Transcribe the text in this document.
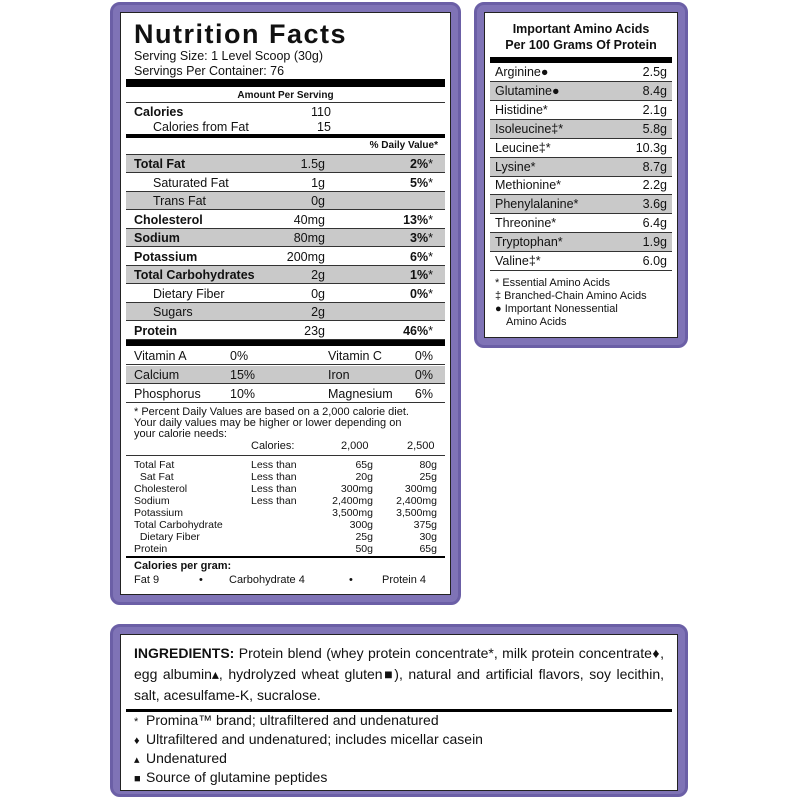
Nutrition Facts
Serving Size: 1 Level Scoop (30g)
Servings Per Container: 76
Amount Per Serving
Calories	110
Calories from Fat	15
% Daily Value*
Total Fat	1.5g	2%*
Saturated Fat	1g	5%*
Trans Fat	0g
Cholesterol	40mg	13%*
Sodium	80mg	3%*
Potassium	200mg	6%*
Total Carbohydrates	2g	1%*
Dietary Fiber	0g	0%*
Sugars	2g
Protein	23g	46%*
Vitamin A	0%	Vitamin C	0%
Calcium	15%	Iron	0%
Phosphorus 10%	Magnesium 6%
* Percent Daily Values are based on a 2,000 calorie diet.
Your daily values may be higher or lower depending on
your calorie needs:
Calories:	2,000	2,500
Total Fat	Less than	65g	80g
Sat Fat	Less than	20g	25g
Cholesterol	Less than	300mg	300mg
Sodium	Less than	2,400mg 2,400mg
Potassium	3,500mg 3,500mg
Total Carbohydrate	300g	375g
Dietary Fiber	25g	30g
Protein	50g	65g
Calories per gram:
Fat 9	• Carbohydrate 4	•	Protein 4
Important Amino Acids
Per 100 Grams Of Protein
Arginine●	2.5g
Glutamine●	8.4g
Histidine*	2.1g
Isoleucine‡*	5.8g
Leucine‡*	10.3g
Lysine*	8.7g
Methionine*	2.2g
Phenylalanine*	3.6g
Threonine*	6.4g
Tryptophan*	1.9g
Valine‡*	6.0g
* Essential Amino Acids
‡ Branched-Chain Amino Acids
● Important Nonessential
Amino Acids
INGREDIENTS: Protein blend (whey protein concentrate*, milk protein concentrate♦, egg albumin▴, hydrolyzed wheat gluten■), natural and artificial flavors, soy lecithin, salt, acesulfame-K, sucralose.
* Promina™ brand; ultrafiltered and undenatured
♦ Ultrafiltered and undenatured; includes micellar casein
▴ Undenatured
■ Source of glutamine peptides
